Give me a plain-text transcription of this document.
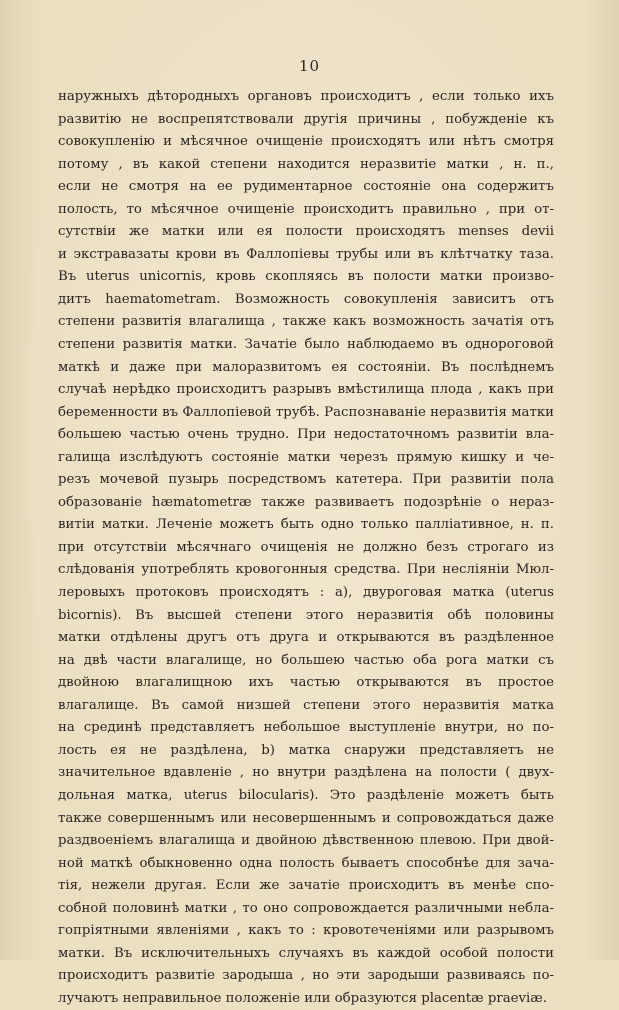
10
наружныхъ дѣтородныхъ органовъ происходитъ , если только ихъ
развитію не воспрепятствовали другія причины , побужденіе къ
совокупленію и мѣсячное очищеніе происходятъ или нѣтъ смотря
потому , въ какой степени находится неразвитіе матки , н. п.,
если не смотря на ее рудиментарное состояніе она содержитъ
полость, то мѣсячное очищеніе происходитъ правильно , при от-
сутствіи же матки или ея полости происходятъ menses devii
и экстравазаты крови въ Фаллопіевы трубы или въ клѣтчатку таза.
Въ uterus unicornis, кровь скопляясь въ полости матки произво-
дитъ haematometram. Возможность совокупленія зависитъ отъ
степени развитія влагалища , также какъ возможность зачатія отъ
степени развитія матки. Зачатіе было наблюдаемо въ однороговой
маткѣ и даже при малоразвитомъ ея состояніи. Въ послѣднемъ
случаѣ нерѣдко происходитъ разрывъ вмѣстилища плода , какъ при
беременности въ Фаллопіевой трубѣ. Распознаваніе неразвитія матки
большею частью очень трудно. При недостаточномъ развитіи вла-
галища изслѣдуютъ состояніе матки черезъ прямую кишку и че-
резъ мочевой пузырь посредствомъ катетера. При развитіи пола
образованіе hæmatometræ также развиваетъ подозрѣніе о нераз-
витіи матки. Леченіе можетъ быть одно только палліативное, н. п.
при отсутствіи мѣсячнаго очищенія не должно безъ строгаго из
слѣдованія употреблять кровогонныя средства. При несліяніи Мюл-
леровыхъ протоковъ происходятъ : а), двуроговая матка (uterus
bicornis). Въ высшей степени этого неразвитія обѣ половины
матки отдѣлены другъ отъ друга и открываются въ раздѣленное
на двѣ части влагалище, но большею частью оба рога матки съ
двойною влагалищною ихъ частью открываются въ простое
влагалище. Въ самой низшей степени этого неразвитія матка
на срединѣ представляетъ небольшое выступленіе внутри, но по-
лость ея не раздѣлена, b) матка снаружи представляетъ не
значительное вдавленіе , но внутри раздѣлена на полости ( двух-
дольная матка, uterus bilocularis). Это раздѣленіе можетъ быть
также совершеннымъ или несовершеннымъ и сопровождаться даже
раздвоеніемъ влагалища и двойною дѣвственною плевою. При двой-
ной маткѣ обыкновенно одна полость бываетъ способнѣе для зача-
тія, нежели другая. Если же зачатіе происходитъ въ менѣе спо-
собной половинѣ матки , то оно сопровождается различными небла-
гопріятными явленіями , какъ то : кровотеченіями или разрывомъ
матки. Въ исключительныхъ случаяхъ въ каждой особой полости
происходитъ развитіе зародыша , но эти зародыши развиваясь по-
лучаютъ неправильное положеніе или образуются placentæ praeviæ.
